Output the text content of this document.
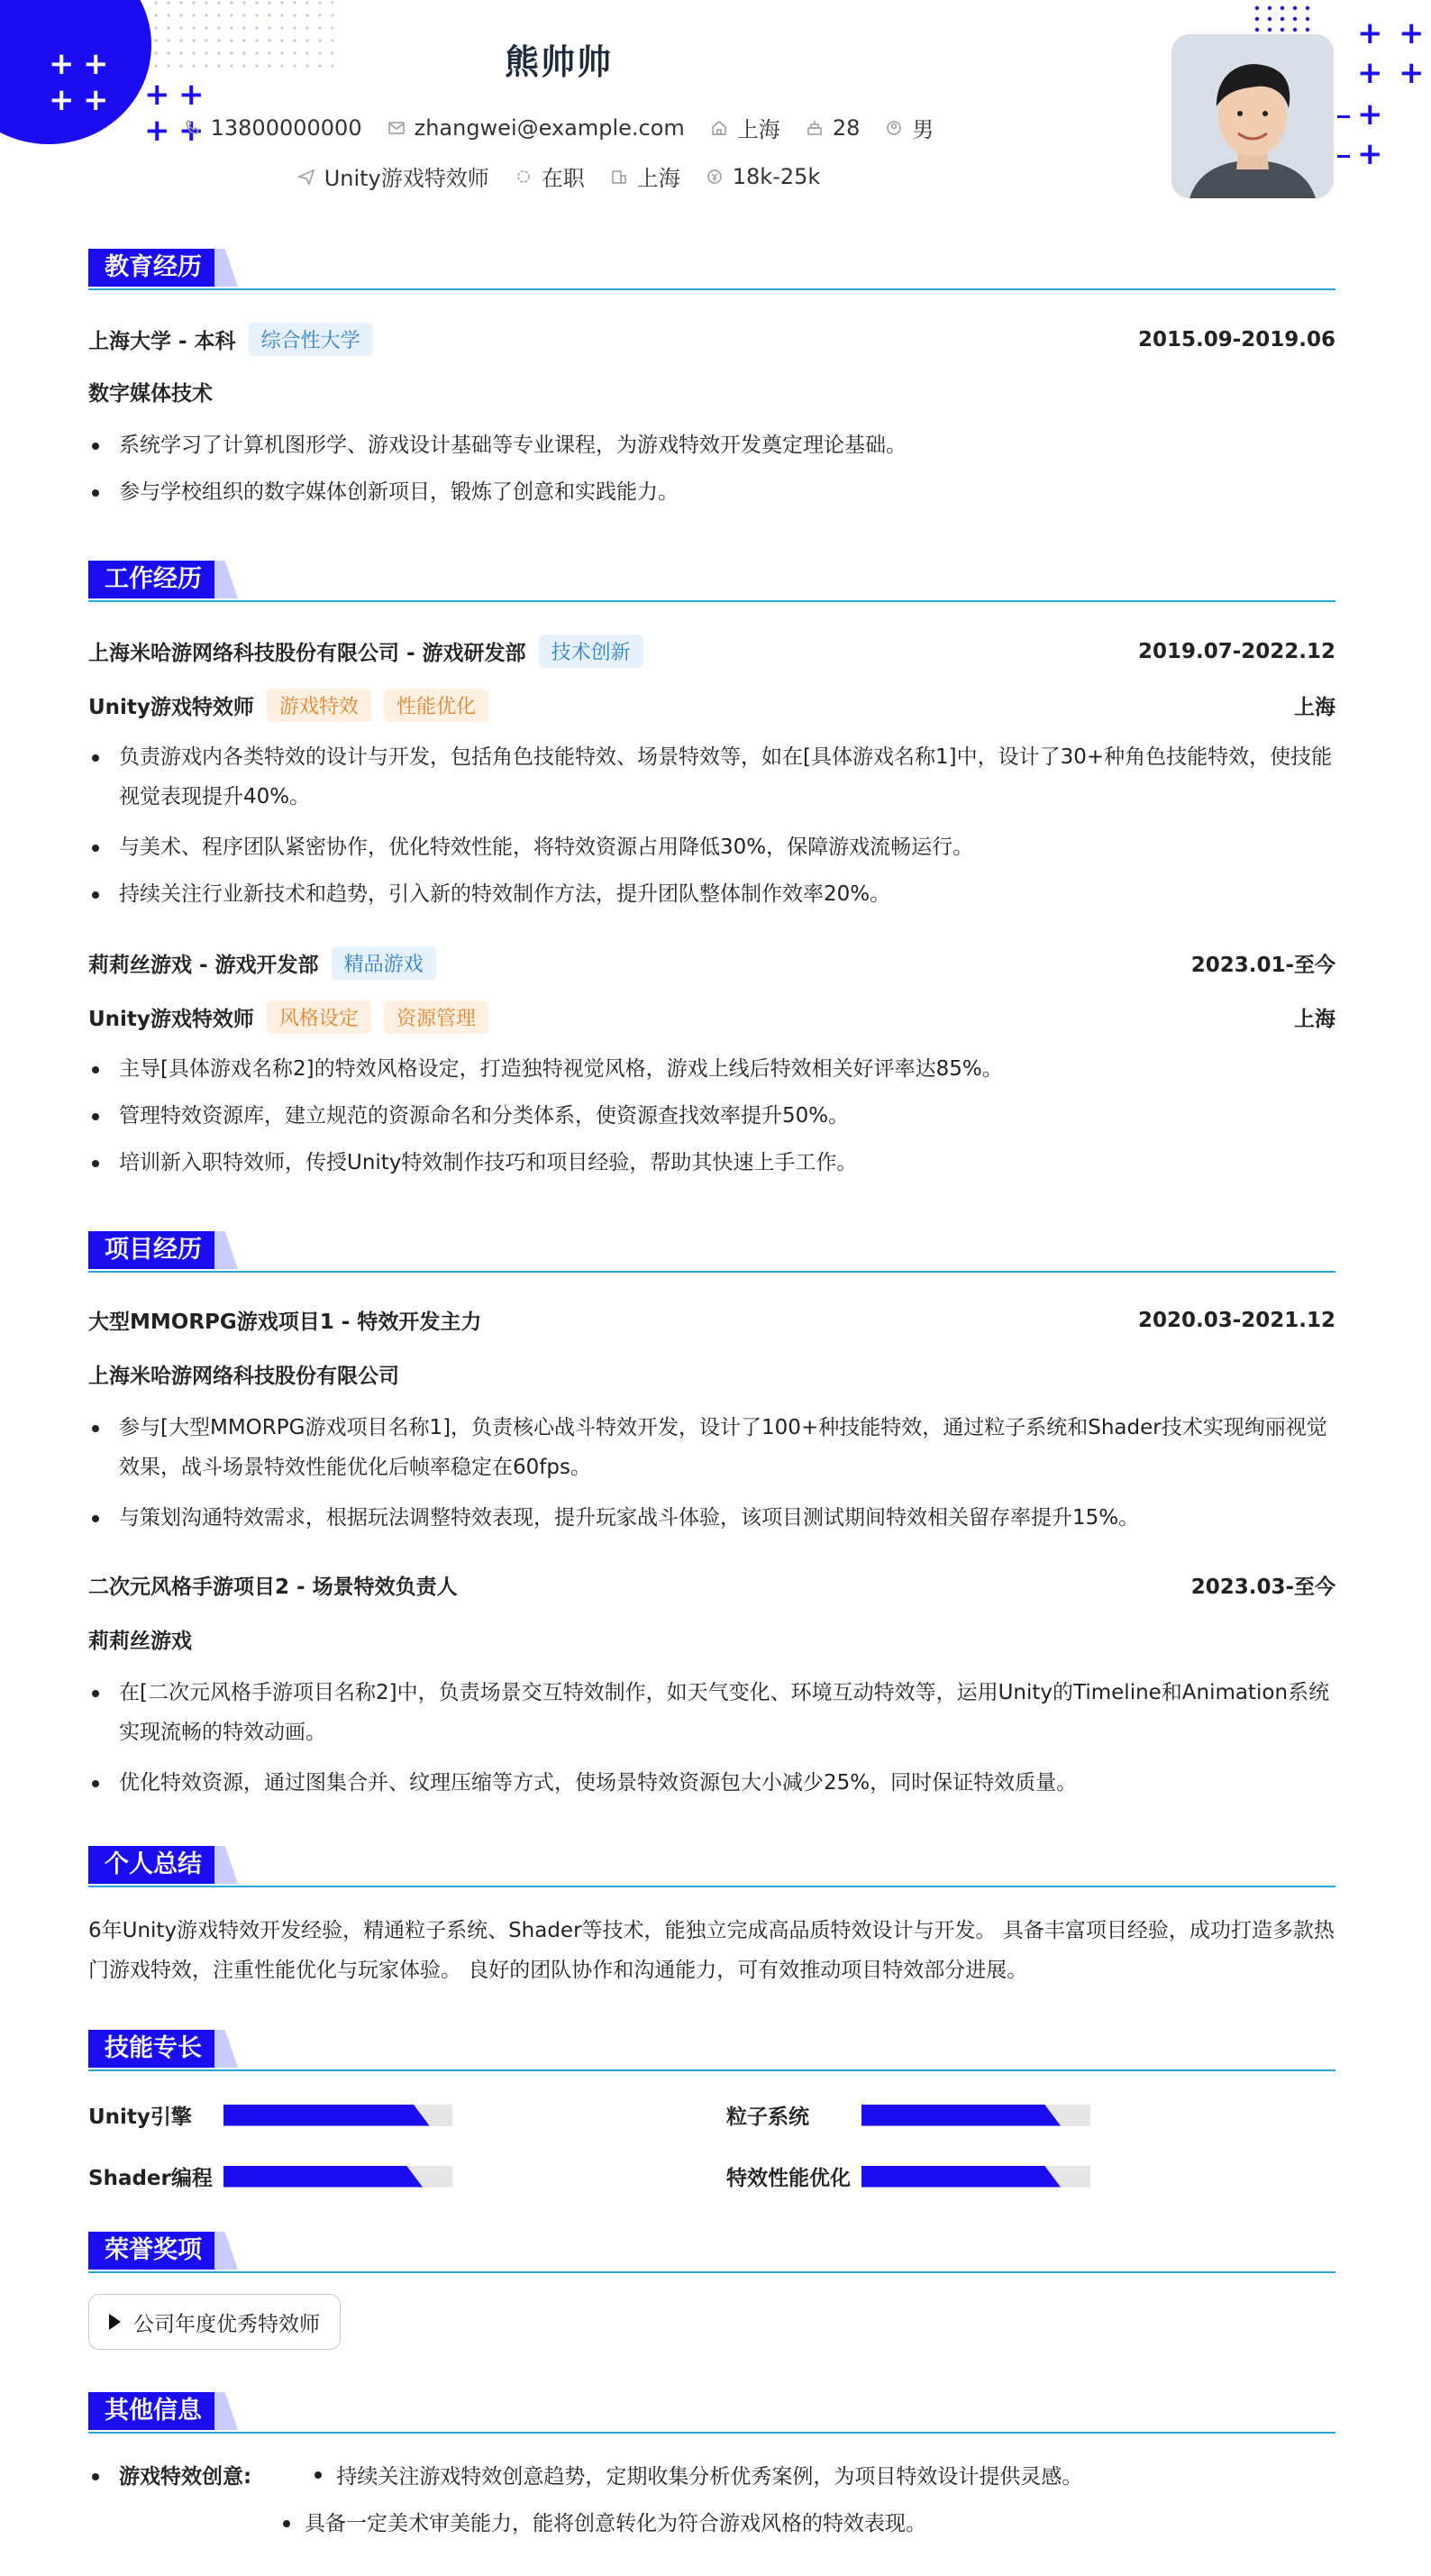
+ +
+ + + +
+ +
+ +
+ +
+
+
熊帅帅
13800000000 zhangwei@example.com 上海 28 男
Unity游戏特效师 在职 上海 18k-25k
教育经历
上海大学 - 本科	综合性大学	2015.09-2019.06
数字媒体技术
系统学习了计算机图形学、游戏设计基础等专业课程，为游戏特效开发奠定理论基础。
参与学校组织的数字媒体创新项目，锻炼了创意和实践能力。
工作经历
上海米哈游网络科技股份有限公司 - 游戏研发部	技术创新	2019.07-2022.12
Unity游戏特效师	游戏特效	性能优化	上海
负责游戏内各类特效的设计与开发，包括角色技能特效、场景特效等，如在[具体游戏名称1]中，设计了30+种角色技能特效，使技能视觉表现提升40%。
与美术、程序团队紧密协作，优化特效性能，将特效资源占用降低30%，保障游戏流畅运行。
持续关注行业新技术和趋势，引入新的特效制作方法，提升团队整体制作效率20%。
莉莉丝游戏 - 游戏开发部	精品游戏	2023.01-至今
Unity游戏特效师	风格设定	资源管理	上海
主导[具体游戏名称2]的特效风格设定，打造独特视觉风格，游戏上线后特效相关好评率达85%。
管理特效资源库，建立规范的资源命名和分类体系，使资源查找效率提升50%。
培训新入职特效师，传授Unity特效制作技巧和项目经验，帮助其快速上手工作。
项目经历
大型MMORPG游戏项目1 - 特效开发主力	2020.03-2021.12
上海米哈游网络科技股份有限公司
参与[大型MMORPG游戏项目名称1]，负责核心战斗特效开发，设计了100+种技能特效，通过粒子系统和Shader技术实现绚丽视觉效果，战斗场景特效性能优化后帧率稳定在60fps。
与策划沟通特效需求，根据玩法调整特效表现，提升玩家战斗体验，该项目测试期间特效相关留存率提升15%。
二次元风格手游项目2 - 场景特效负责人	2023.03-至今
莉莉丝游戏
在[二次元风格手游项目名称2]中，负责场景交互特效制作，如天气变化、环境互动特效等，运用Unity的Timeline和Animation系统实现流畅的特效动画。
优化特效资源，通过图集合并、纹理压缩等方式，使场景特效资源包大小减少25%，同时保证特效质量。
个人总结
6年Unity游戏特效开发经验，精通粒子系统、Shader等技术，能独立完成高品质特效设计与开发。 具备丰富项目经验，成功打造多款热门游戏特效，注重性能优化与玩家体验。 良好的团队协作和沟通能力，可有效推动项目特效部分进展。
技能专长
Unity引擎	粒子系统
Shader编程	特效性能优化
荣誉奖项
公司年度优秀特效师
其他信息
游戏特效创意:	持续关注游戏特效创意趋势，定期收集分析优秀案例，为项目特效设计提供灵感。
具备一定美术审美能力，能将创意转化为符合游戏风格的特效表现。
